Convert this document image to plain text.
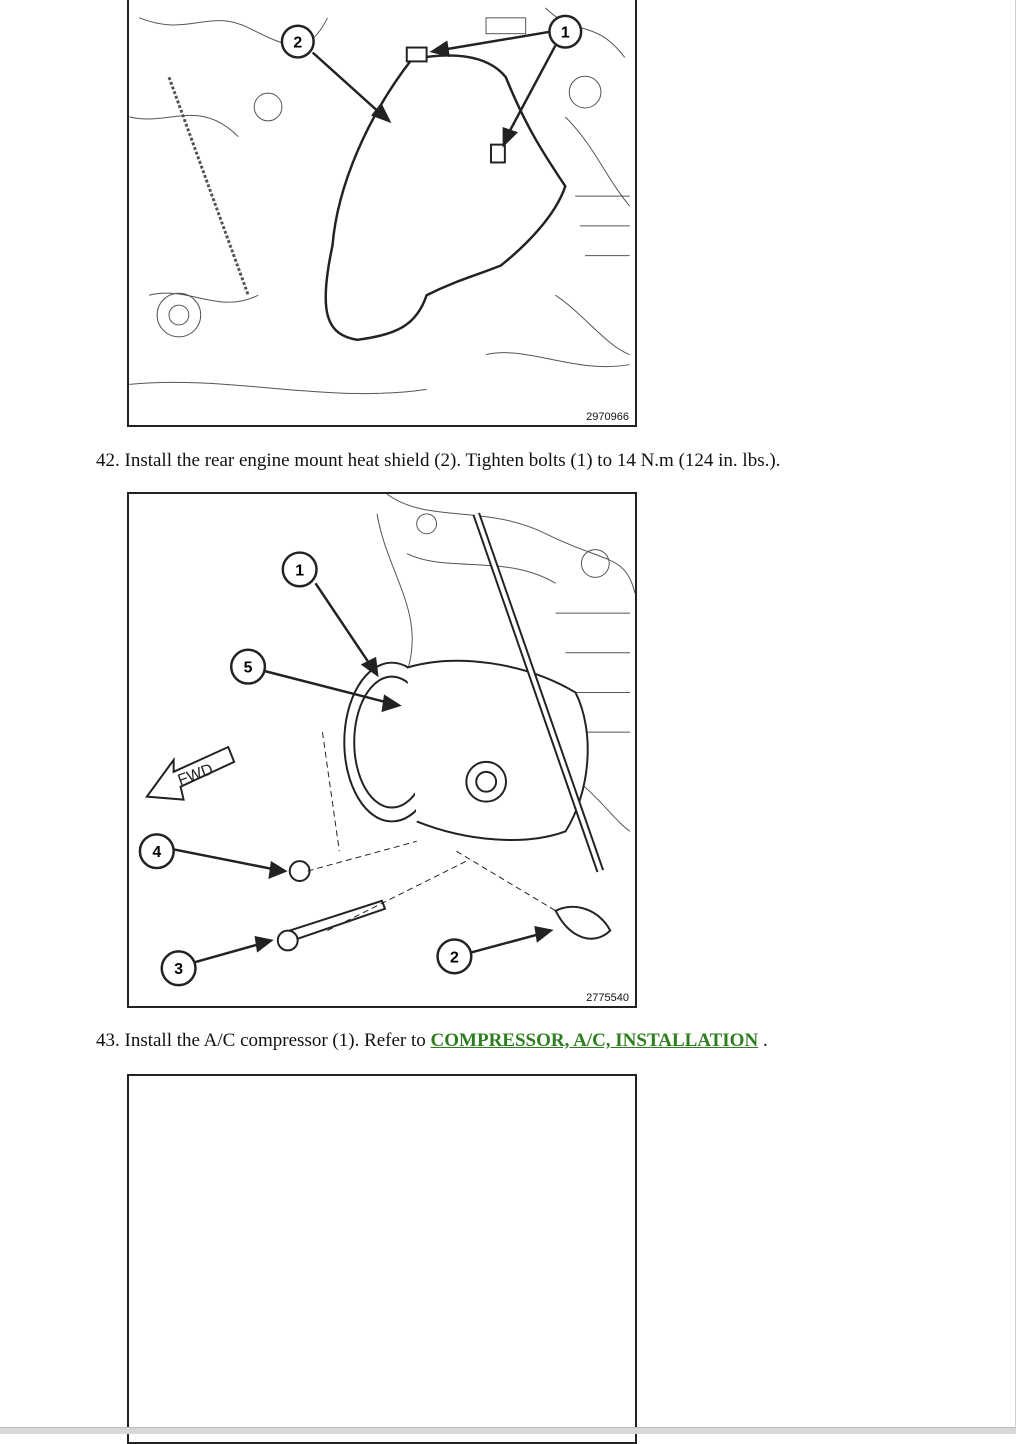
2
1
2970966
42. Install the rear engine mount heat shield (2). Tighten bolts (1) to 14 N.m (124 in. lbs.).
FWD
1
5
4
3
2
2775540
43. Install the A/C compressor (1). Refer to COMPRESSOR, A/C, INSTALLATION .
